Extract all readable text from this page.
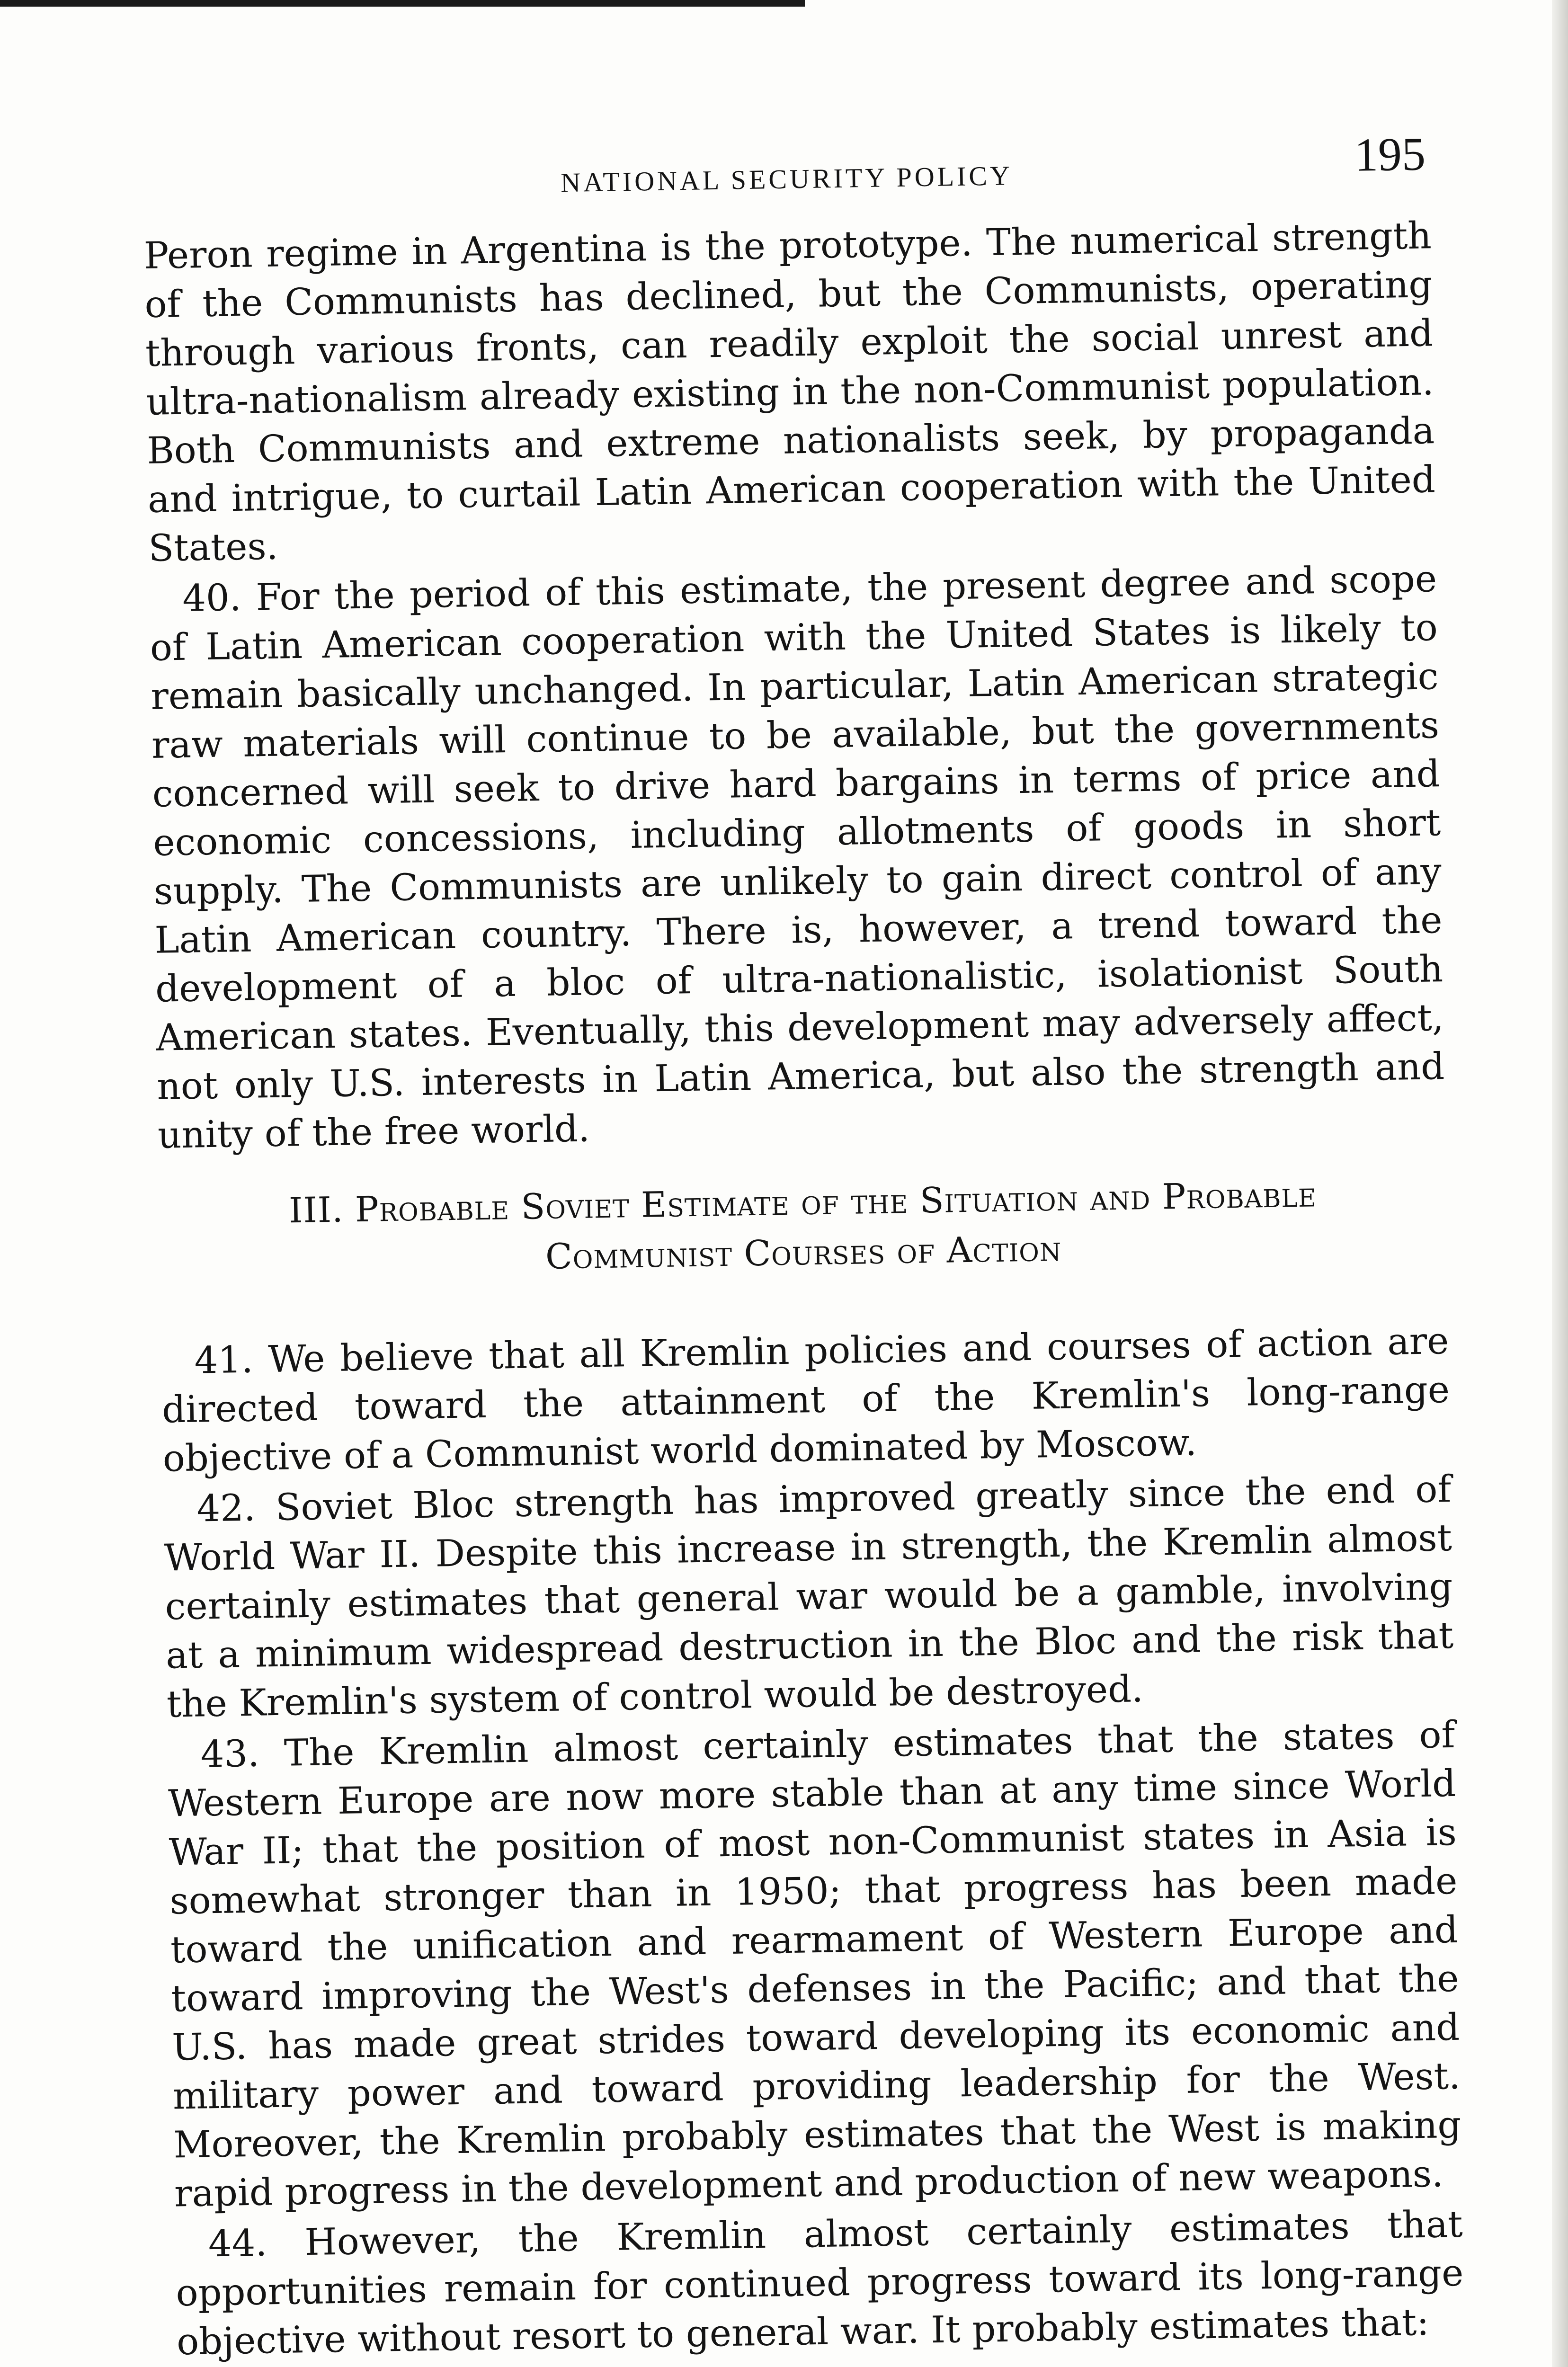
NATIONAL SECURITY POLICY	195

Peron regime in Argentina is the prototype. The numerical strength of the Communists has declined, but the Communists, operating through various fronts, can readily exploit the social unrest and ultra-nationalism already existing in the non-Communist population. Both Communists and extreme nationalists seek, by propaganda and intrigue, to curtail Latin American cooperation with the United States.

40. For the period of this estimate, the present degree and scope of Latin American cooperation with the United States is likely to remain basically unchanged. In particular, Latin American strategic raw materials will continue to be available, but the governments concerned will seek to drive hard bargains in terms of price and economic concessions, including allotments of goods in short supply. The Communists are unlikely to gain direct control of any Latin American country. There is, however, a trend toward the development of a bloc of ultra-nationalistic, isolationist South American states. Eventually, this development may adversely affect, not only U.S. interests in Latin America, but also the strength and unity of the free world.

III. Probable Soviet Estimate of the Situation and Probable
Communist Courses of Action

41. We believe that all Kremlin policies and courses of action are directed toward the attainment of the Kremlin's long-range objective of a Communist world dominated by Moscow.

42. Soviet Bloc strength has improved greatly since the end of World War II. Despite this increase in strength, the Kremlin almost certainly estimates that general war would be a gamble, involving at a minimum widespread destruction in the Bloc and the risk that the Kremlin's system of control would be destroyed.

43. The Kremlin almost certainly estimates that the states of Western Europe are now more stable than at any time since World War II; that the position of most non-Communist states in Asia is somewhat stronger than in 1950; that progress has been made toward the unification and rearmament of Western Europe and toward improving the West's defenses in the Pacific; and that the U.S. has made great strides toward developing its economic and military power and toward providing leadership for the West. Moreover, the Kremlin probably estimates that the West is making rapid progress in the development and production of new weapons.

44. However, the Kremlin almost certainly estimates that opportunities remain for continued progress toward its long-range objective without resort to general war. It probably estimates that:
